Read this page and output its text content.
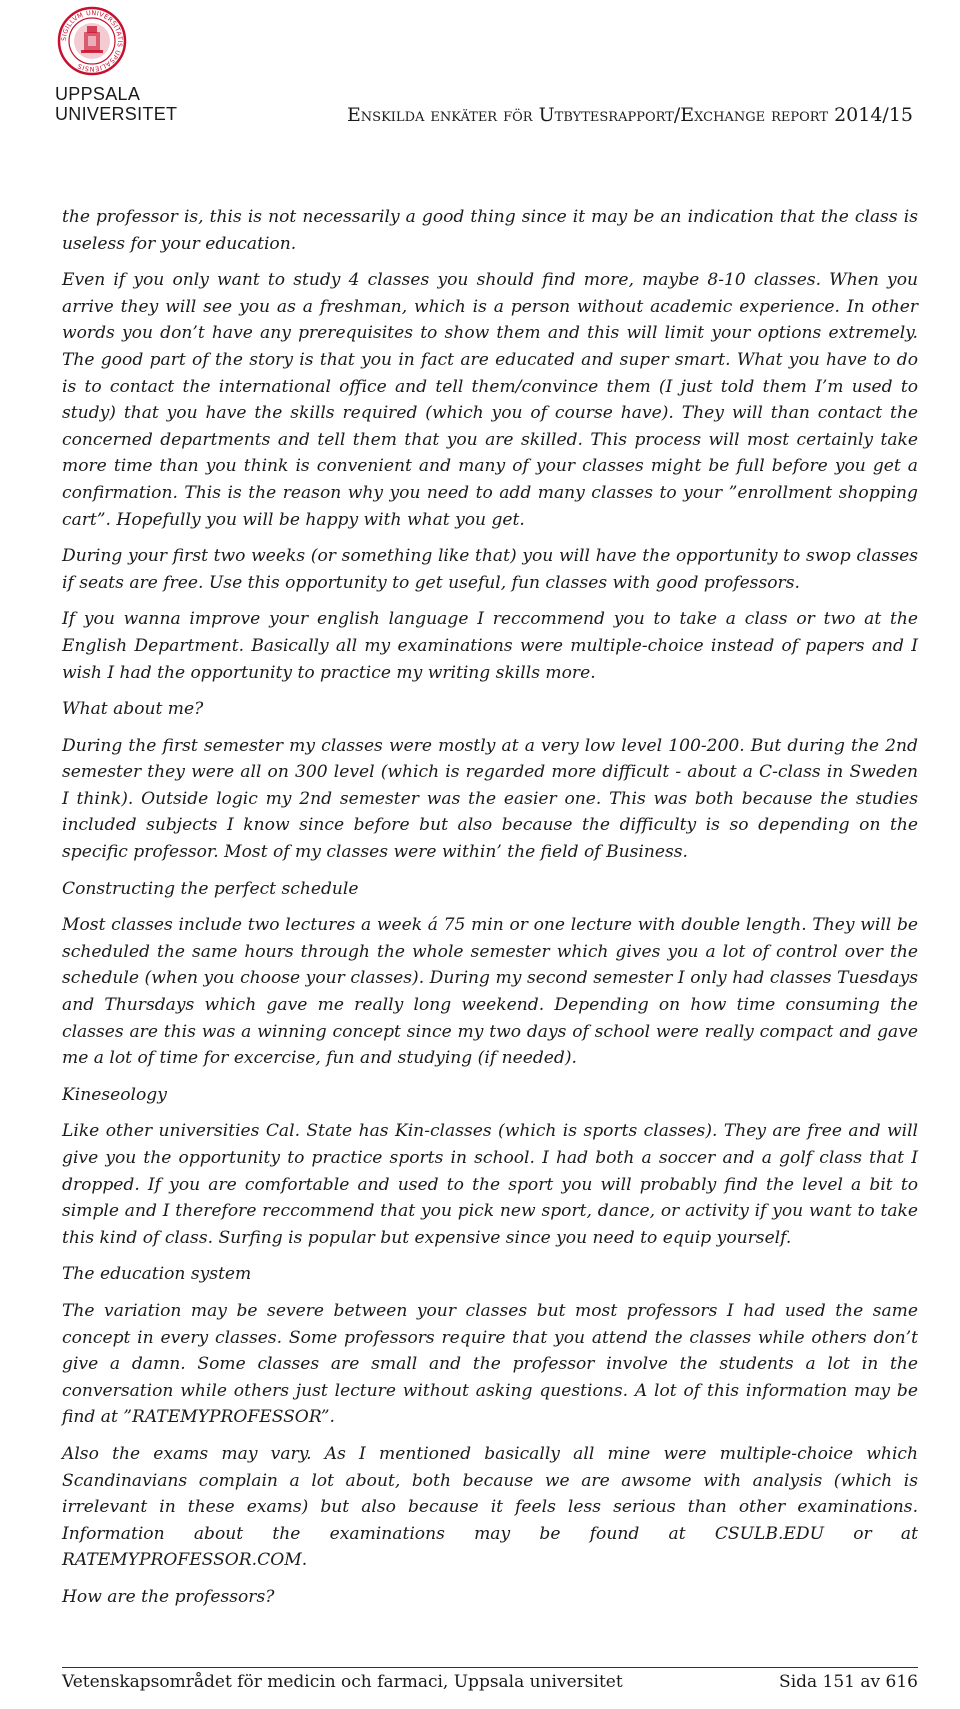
SIGILLVM UNIVERSITATIS UPSALIENSIS
UPPSALA
UNIVERSITET	Enskilda enkäter för Utbytesrapport/Exchange report 2014/15

the professor is, this is not necessarily a good thing since it may be an indication that the class is useless for your education.

Even if you only want to study 4 classes you should find more, maybe 8-10 classes. When you arrive they will see you as a freshman, which is a person without academic experience. In other words you don’t have any prerequisites to show them and this will limit your options extremely. The good part of the story is that you in fact are educated and super smart. What you have to do is to contact the international office and tell them/convince them (I just told them I’m used to study) that you have the skills required (which you of course have). They will than contact the concerned departments and tell them that you are skilled. This process will most certainly take more time than you think is convenient and many of your classes might be full before you get a confirmation. This is the reason why you need to add many classes to your ”enrollment shopping cart”. Hopefully you will be happy with what you get.

During your first two weeks (or something like that) you will have the opportunity to swop classes if seats are free. Use this opportunity to get useful, fun classes with good professors.

If you wanna improve your english language I reccommend you to take a class or two at the English Department. Basically all my examinations were multiple-choice instead of papers and I wish I had the opportunity to practice my writing skills more.

What about me?

During the first semester my classes were mostly at a very low level 100-200. But during the 2nd semester they were all on 300 level (which is regarded more difficult - about a C-class in Sweden I think). Outside logic my 2nd semester was the easier one. This was both because the studies included subjects I know since before but also because the difficulty is so depending on the specific professor. Most of my classes were within’ the field of Business.

Constructing the perfect schedule

Most classes include two lectures a week á 75 min or one lecture with double length. They will be scheduled the same hours through the whole semester which gives you a lot of control over the schedule (when you choose your classes). During my second semester I only had classes Tuesdays and Thursdays which gave me really long weekend. Depending on how time consuming the classes are this was a winning concept since my two days of school were really compact and gave me a lot of time for excercise, fun and studying (if needed).

Kineseology

Like other universities Cal. State has Kin-classes (which is sports classes). They are free and will give you the opportunity to practice sports in school. I had both a soccer and a golf class that I dropped. If you are comfortable and used to the sport you will probably find the level a bit to simple and I therefore reccommend that you pick new sport, dance, or activity if you want to take this kind of class. Surfing is popular but expensive since you need to equip yourself.

The education system

The variation may be severe between your classes but most professors I had used the same concept in every classes. Some professors require that you attend the classes while others don’t give a damn. Some classes are small and the professor involve the students a lot in the conversation while others just lecture without asking questions. A lot of this information may be find at ”RATEMYPROFESSOR”.

Also the exams may vary. As I mentioned basically all mine were multiple-choice which Scandinavians complain a lot about, both because we are awsome with analysis (which is irrelevant in these exams) but also because it feels less serious than other examinations. Information about the examinations may be found at CSULB.EDU or at RATEMYPROFESSOR.COM.

How are the professors?

Vetenskapsområdet för medicin och farmaci, Uppsala universitet	Sida 151 av 616
